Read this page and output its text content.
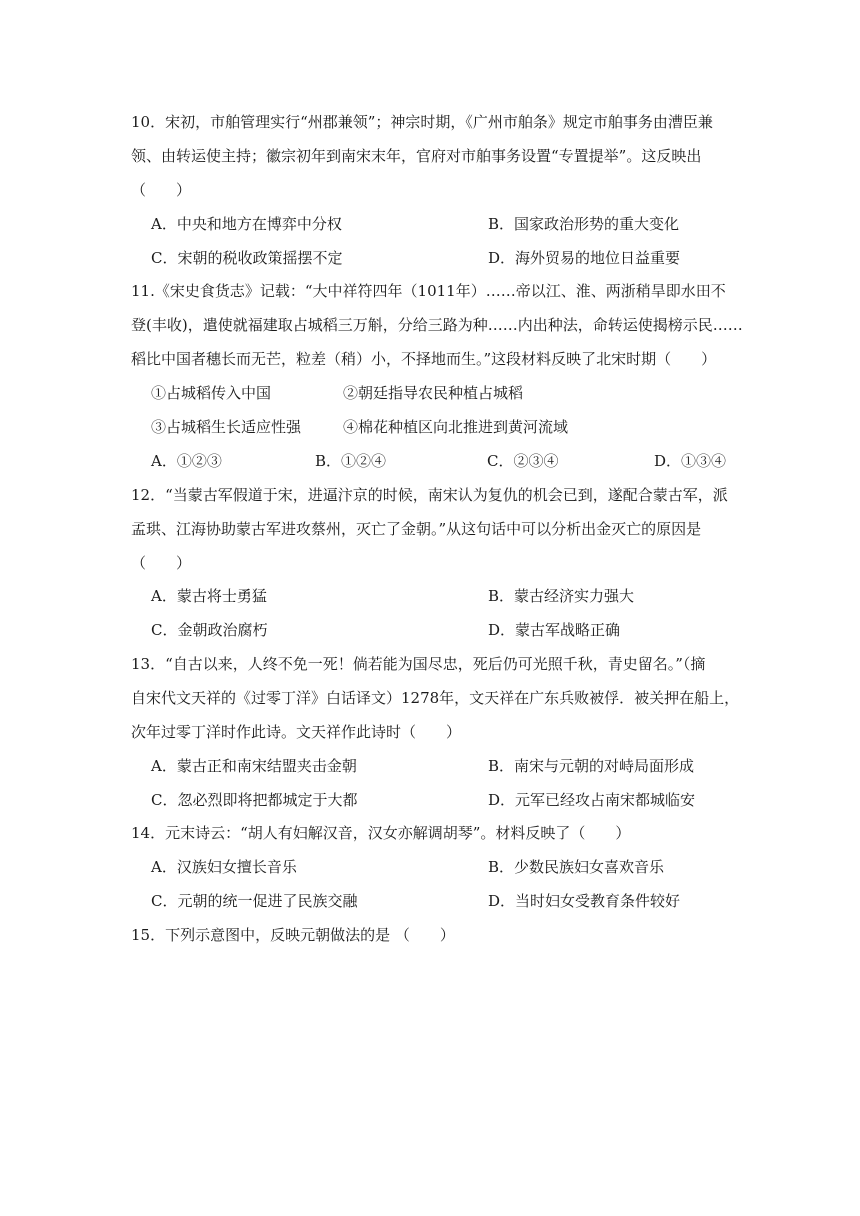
10．宋初，市舶管理实行“州郡兼领”；神宗时期，《广州市舶条》规定市舶事务由漕臣兼
领、由转运使主持；徽宗初年到南宋末年，官府对市舶事务设置“专置提举”。这反映出
（　　）
A．中央和地方在博弈中分权	B．国家政治形势的重大变化
C．宋朝的税收政策摇摆不定	D．海外贸易的地位日益重要
11.《宋史食货志》记载：“大中祥符四年（1011年）……帝以江、淮、两浙稍旱即水田不
登(丰收)，遣使就福建取占城稻三万斛，分给三路为种……内出种法，命转运使揭榜示民……
稻比中国者穗长而无芒，粒差（稍）小，不择地而生。”这段材料反映了北宋时期（　　）
①占城稻传入中国	②朝廷指导农民种植占城稻
③占城稻生长适应性强	④棉花种植区向北推进到黄河流域
A．①②③	B．①②④	C．②③④	D．①③④
12．“当蒙古军假道于宋，进逼汴京的时候，南宋认为复仇的机会已到，遂配合蒙古军，派
孟珙、江海协助蒙古军进攻蔡州，灭亡了金朝。”从这句话中可以分析出金灭亡的原因是
（　　）
A．蒙古将士勇猛	B．蒙古经济实力强大
C．金朝政治腐朽	D．蒙古军战略正确
13．“自古以来，人终不免一死！倘若能为国尽忠，死后仍可光照千秋，青史留名。”（摘
自宋代文天祥的《过零丁洋》白话译文）1278年，文天祥在广东兵败被俘．被关押在船上，
次年过零丁洋时作此诗。文天祥作此诗时（　　）
A．蒙古正和南宋结盟夹击金朝	B．南宋与元朝的对峙局面形成
C．忽必烈即将把都城定于大都	D．元军已经攻占南宋都城临安
14．元末诗云：“胡人有妇解汉音，汉女亦解调胡琴”。材料反映了（　　）
A．汉族妇女擅长音乐	B．少数民族妇女喜欢音乐
C．元朝的统一促进了民族交融	D．当时妇女受教育条件较好
15．下列示意图中，反映元朝做法的是 （　　）
